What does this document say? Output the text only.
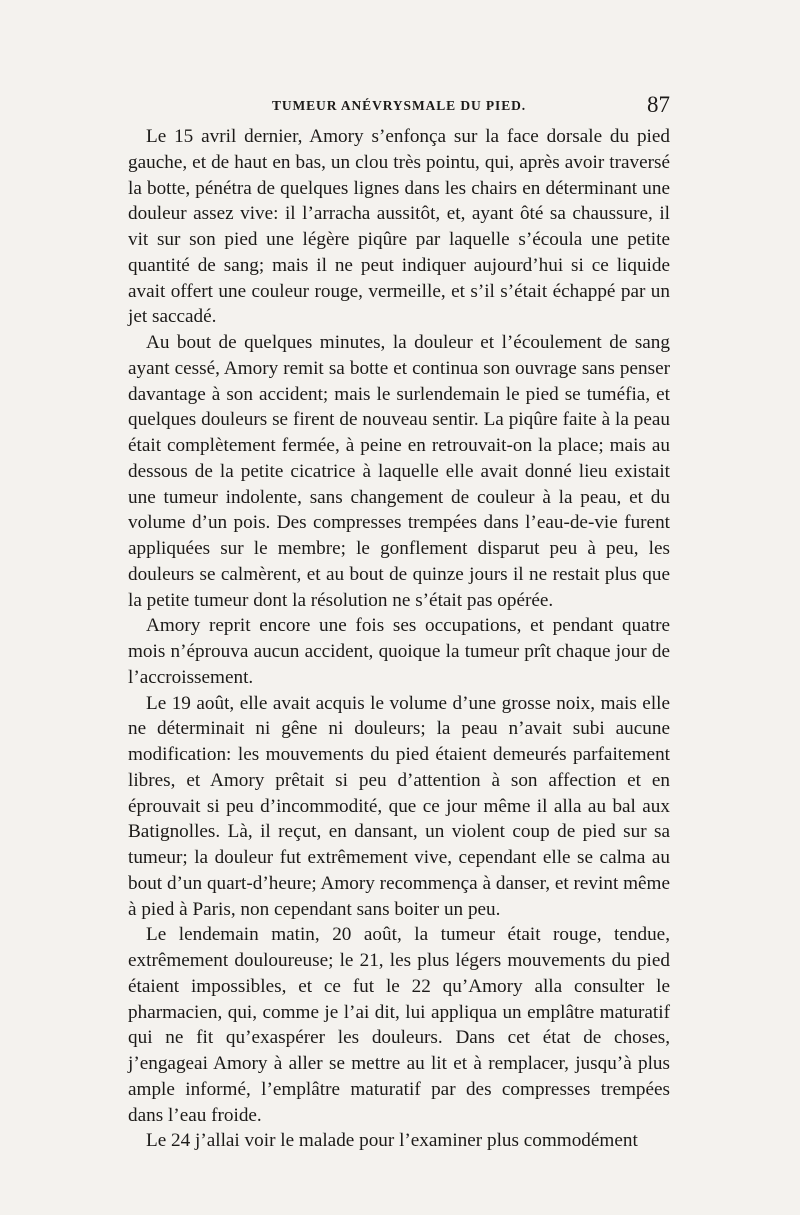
TUMEUR ANÉVRYSMALE DU PIED.	87

Le 15 avril dernier, Amory s’enfonça sur la face dorsale du pied gauche, et de haut en bas, un clou très pointu, qui, après avoir traversé la botte, pénétra de quelques lignes dans les chairs en déterminant une douleur assez vive: il l’arracha aussitôt, et, ayant ôté sa chaussure, il vit sur son pied une légère piqûre par laquelle s’écoula une petite quantité de sang; mais il ne peut indiquer aujourd’hui si ce liquide avait offert une couleur rouge, vermeille, et s’il s’était échappé par un jet saccadé.

Au bout de quelques minutes, la douleur et l’écoulement de sang ayant cessé, Amory remit sa botte et continua son ouvrage sans penser davantage à son accident; mais le surlendemain le pied se tuméfia, et quelques douleurs se firent de nouveau sentir. La piqûre faite à la peau était complètement fermée, à peine en retrouvait-on la place; mais au dessous de la petite cicatrice à laquelle elle avait donné lieu existait une tumeur indolente, sans changement de couleur à la peau, et du volume d’un pois. Des compresses trempées dans l’eau-de-vie furent appliquées sur le membre; le gonflement disparut peu à peu, les douleurs se calmèrent, et au bout de quinze jours il ne restait plus que la petite tumeur dont la résolution ne s’était pas opérée.

Amory reprit encore une fois ses occupations, et pendant quatre mois n’éprouva aucun accident, quoique la tumeur prît chaque jour de l’accroissement.

Le 19 août, elle avait acquis le volume d’une grosse noix, mais elle ne déterminait ni gêne ni douleurs; la peau n’avait subi aucune modification: les mouvements du pied étaient demeurés parfaitement libres, et Amory prêtait si peu d’attention à son affection et en éprouvait si peu d’incommodité, que ce jour même il alla au bal aux Batignolles. Là, il reçut, en dansant, un violent coup de pied sur sa tumeur; la douleur fut extrêmement vive, cependant elle se calma au bout d’un quart-d’heure; Amory recommença à danser, et revint même à pied à Paris, non cependant sans boiter un peu.

Le lendemain matin, 20 août, la tumeur était rouge, tendue, extrêmement douloureuse; le 21, les plus légers mouvements du pied étaient impossibles, et ce fut le 22 qu’Amory alla consulter le pharmacien, qui, comme je l’ai dit, lui appliqua un emplâtre maturatif qui ne fit qu’exaspérer les douleurs. Dans cet état de choses, j’engageai Amory à aller se mettre au lit et à remplacer, jusqu’à plus ample informé, l’emplâtre maturatif par des compresses trempées dans l’eau froide.

Le 24 j’allai voir le malade pour l’examiner plus commodément
